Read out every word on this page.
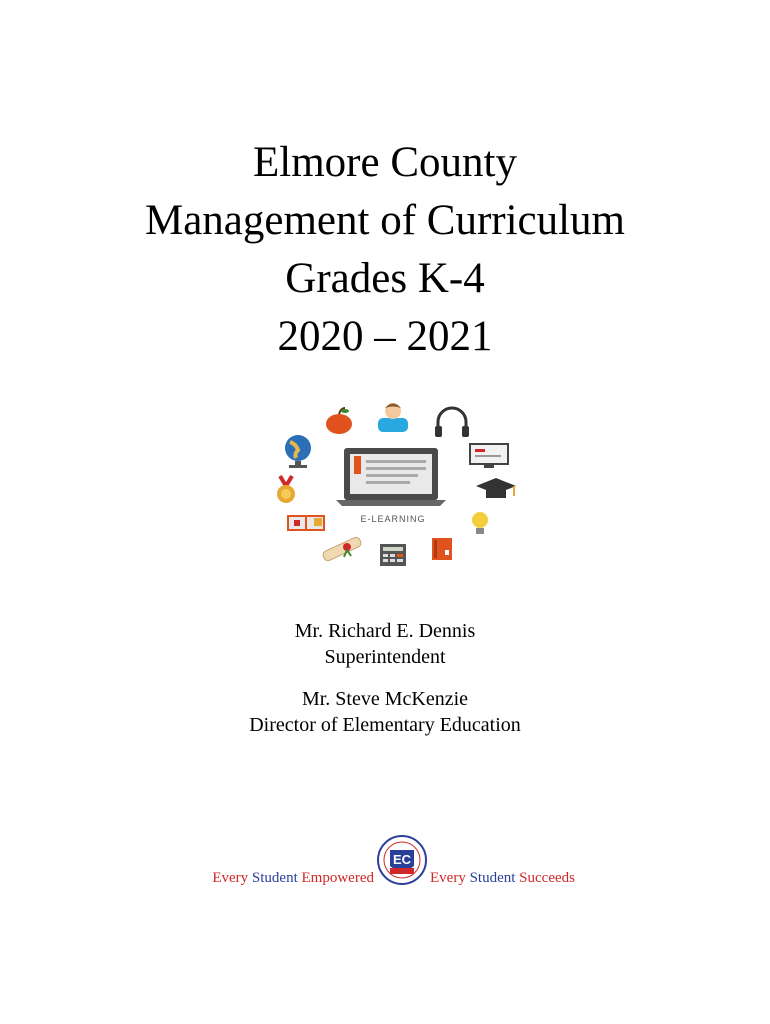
Elmore County
Management of Curriculum
Grades K-4
2020 – 2021
E-LEARNING
Mr. Richard E. Dennis
Superintendent
Mr. Steve McKenzie
Director of Elementary Education
Every Student Empowered
EC
Every Student Succeeds
